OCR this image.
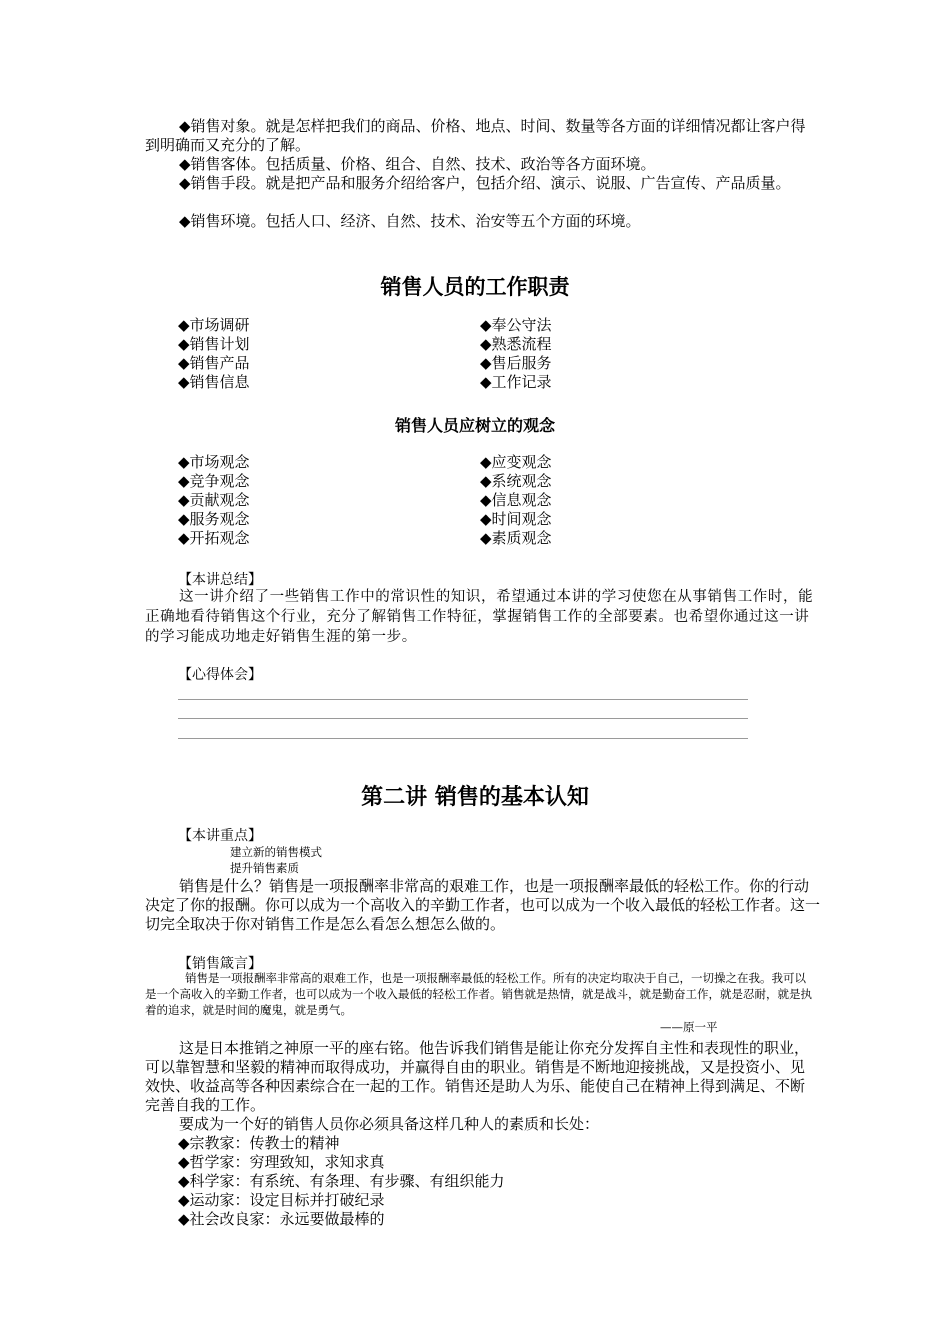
◆销售对象。就是怎样把我们的商品、价格、地点、时间、数量等各方面的详细情况都让客户得到明确而又充分的了解。

◆销售客体。包括质量、价格、组合、自然、技术、政治等各方面环境。

◆销售手段。就是把产品和服务介绍给客户，包括介绍、演示、说服、广告宣传、产品质量。

◆销售环境。包括人口、经济、自然、技术、治安等五个方面的环境。

销售人员的工作职责
◆市场调研
◆销售计划
◆销售产品
◆销售信息
◆奉公守法
◆熟悉流程
◆售后服务
◆工作记录
销售人员应树立的观念
◆市场观念
◆竞争观念
◆贡献观念
◆服务观念
◆开拓观念
◆应变观念
◆系统观念
◆信息观念
◆时间观念
◆素质观念

【本讲总结】

这一讲介绍了一些销售工作中的常识性的知识，希望通过本讲的学习使您在从事销售工作时，能正确地看待销售这个行业，充分了解销售工作特征，掌握销售工作的全部要素。也希望你通过这一讲的学习能成功地走好销售生涯的第一步。

【心得体会】

第二讲 销售的基本认知

【本讲重点】

建立新的销售模式

提升销售素质

销售是什么？销售是一项报酬率非常高的艰难工作，也是一项报酬率最低的轻松工作。你的行动决定了你的报酬。你可以成为一个高收入的辛勤工作者，也可以成为一个收入最低的轻松工作者。这一切完全取决于你对销售工作是怎么看怎么想怎么做的。

【销售箴言】

销售是一项报酬率非常高的艰难工作，也是一项报酬率最低的轻松工作。所有的决定均取决于自己，一切操之在我。我可以是一个高收入的辛勤工作者，也可以成为一个收入最低的轻松工作者。销售就是热情，就是战斗，就是勤奋工作，就是忍耐，就是执着的追求，就是时间的魔鬼，就是勇气。

——原一平

这是日本推销之神原一平的座右铭。他告诉我们销售是能让你充分发挥自主性和表现性的职业，可以靠智慧和坚毅的精神而取得成功，并赢得自由的职业。销售是不断地迎接挑战，又是投资小、见效快、收益高等各种因素综合在一起的工作。销售还是助人为乐、能使自己在精神上得到满足、不断完善自我的工作。

要成为一个好的销售人员你必须具备这样几种人的素质和长处：

◆宗教家：传教士的精神
◆哲学家：穷理致知，求知求真
◆科学家：有系统、有条理、有步骤、有组织能力
◆运动家：设定目标并打破纪录
◆社会改良家：永远要做最棒的
